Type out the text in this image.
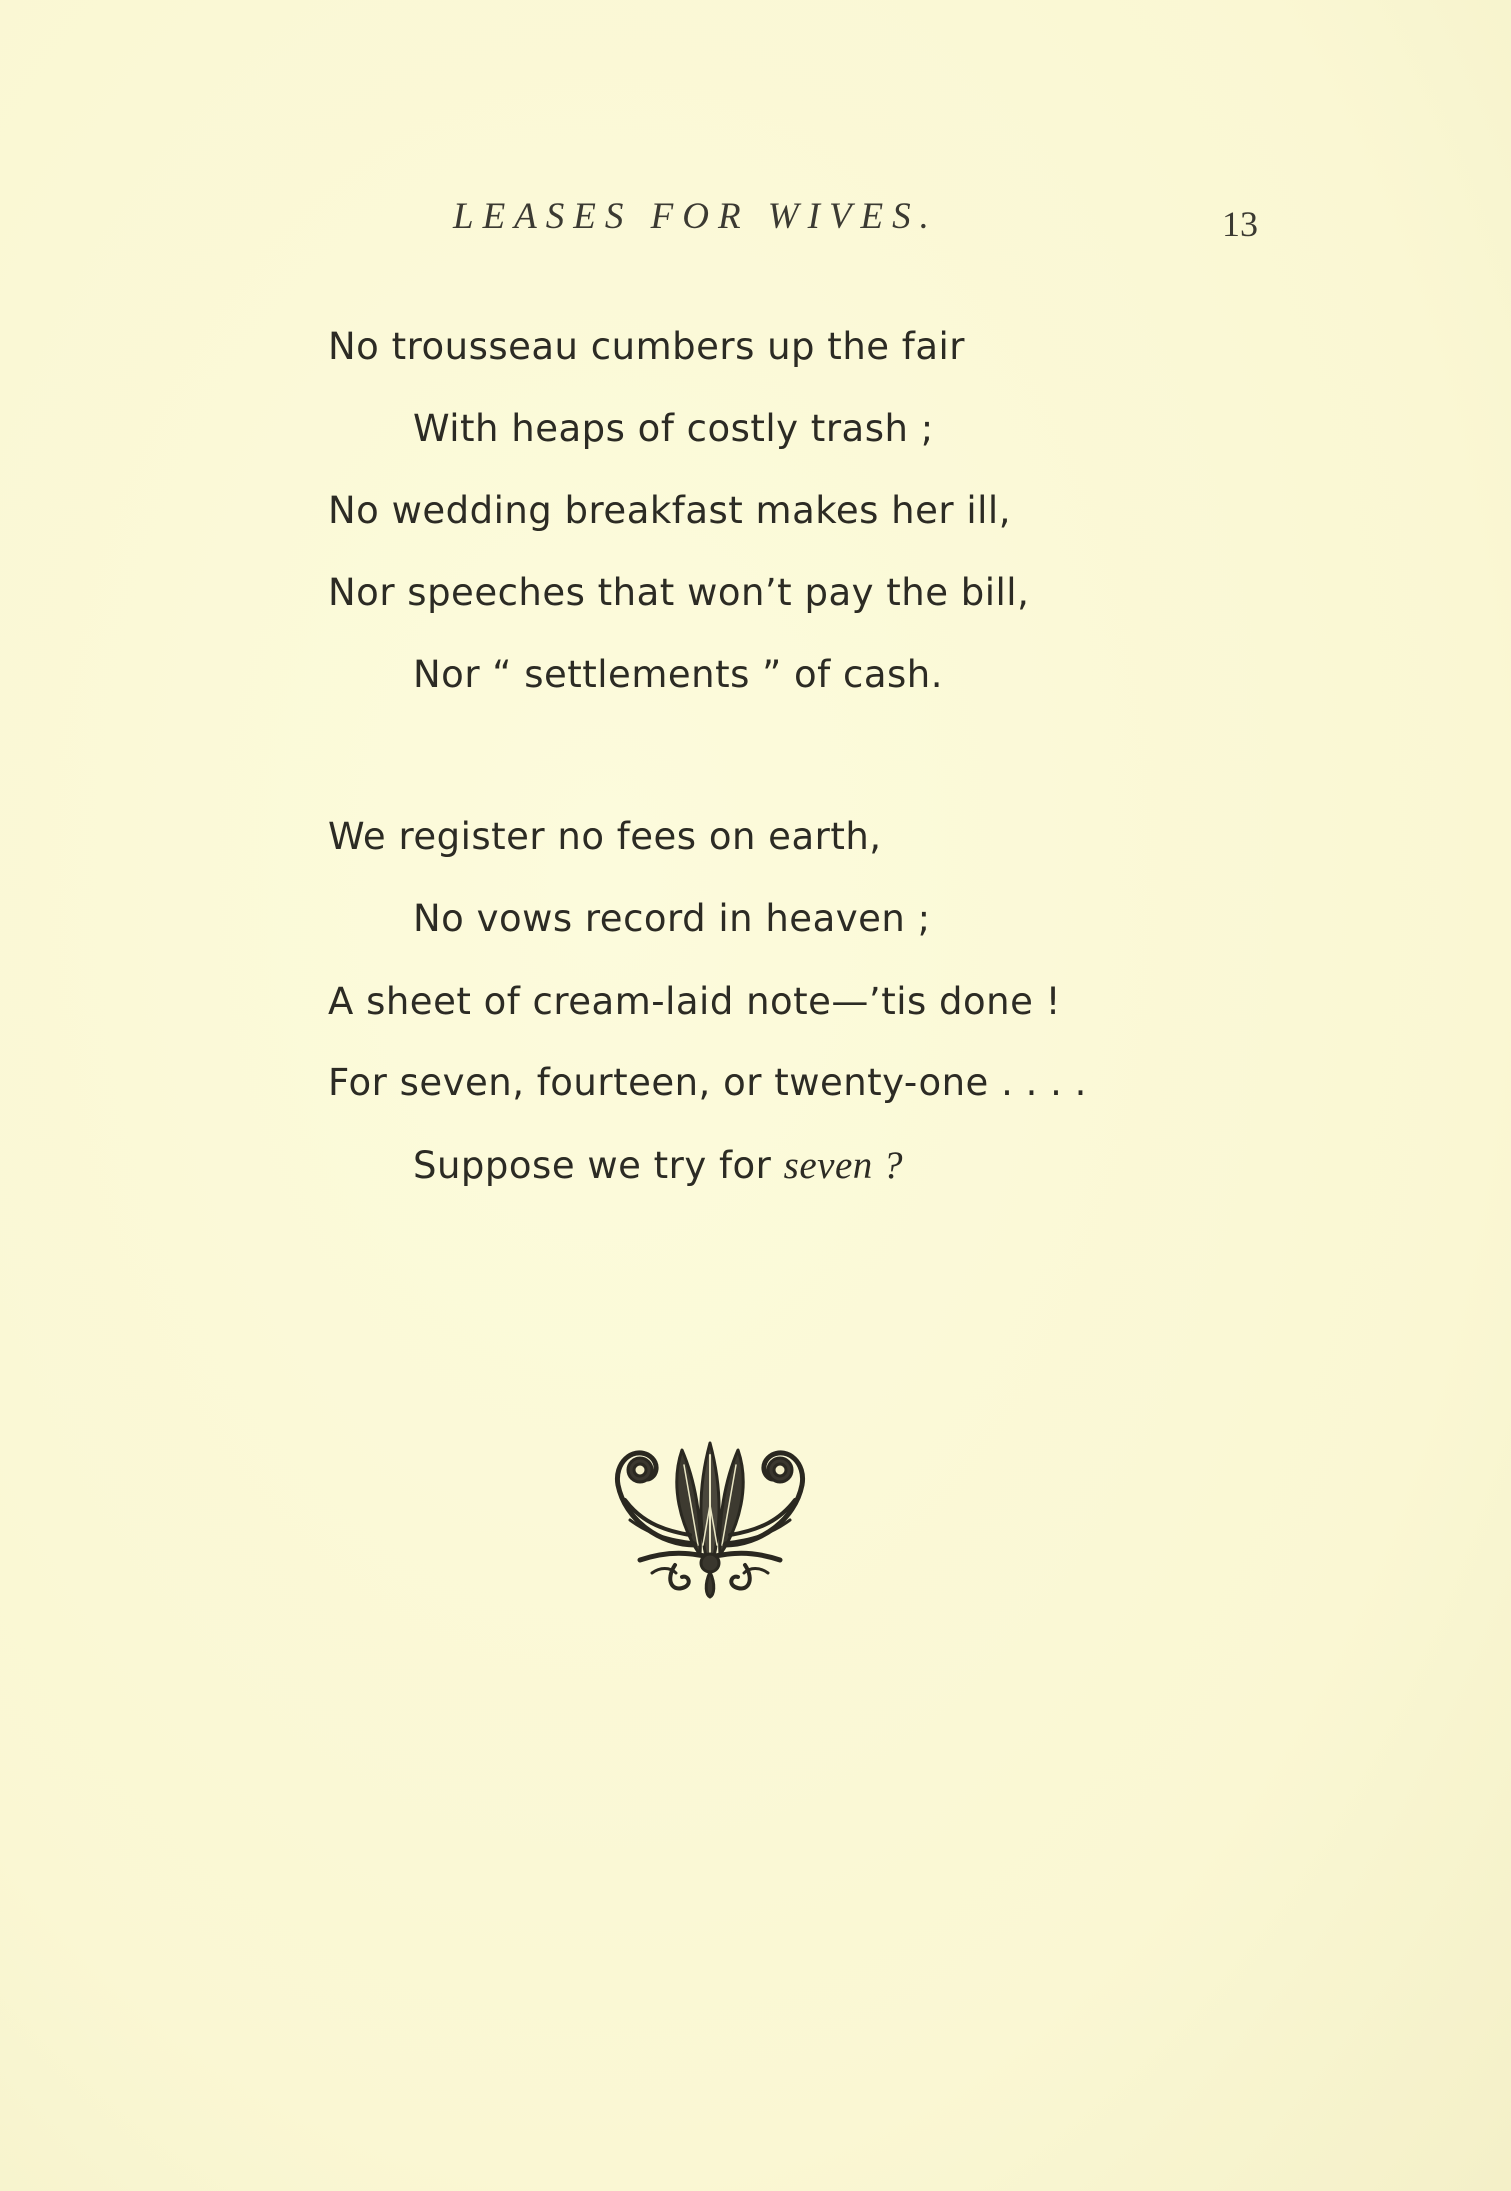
LEASES FOR WIVES.	13
No trousseau cumbers up the fair
With heaps of costly trash ;
No wedding breakfast makes her ill,
Nor speeches that won’t pay the bill,
Nor “ settlements ” of cash.
We register no fees on earth,
No vows record in heaven ;
A sheet of cream-laid note—’tis done !
For seven, fourteen, or twenty-one . . . .
Suppose we try for seven ?
